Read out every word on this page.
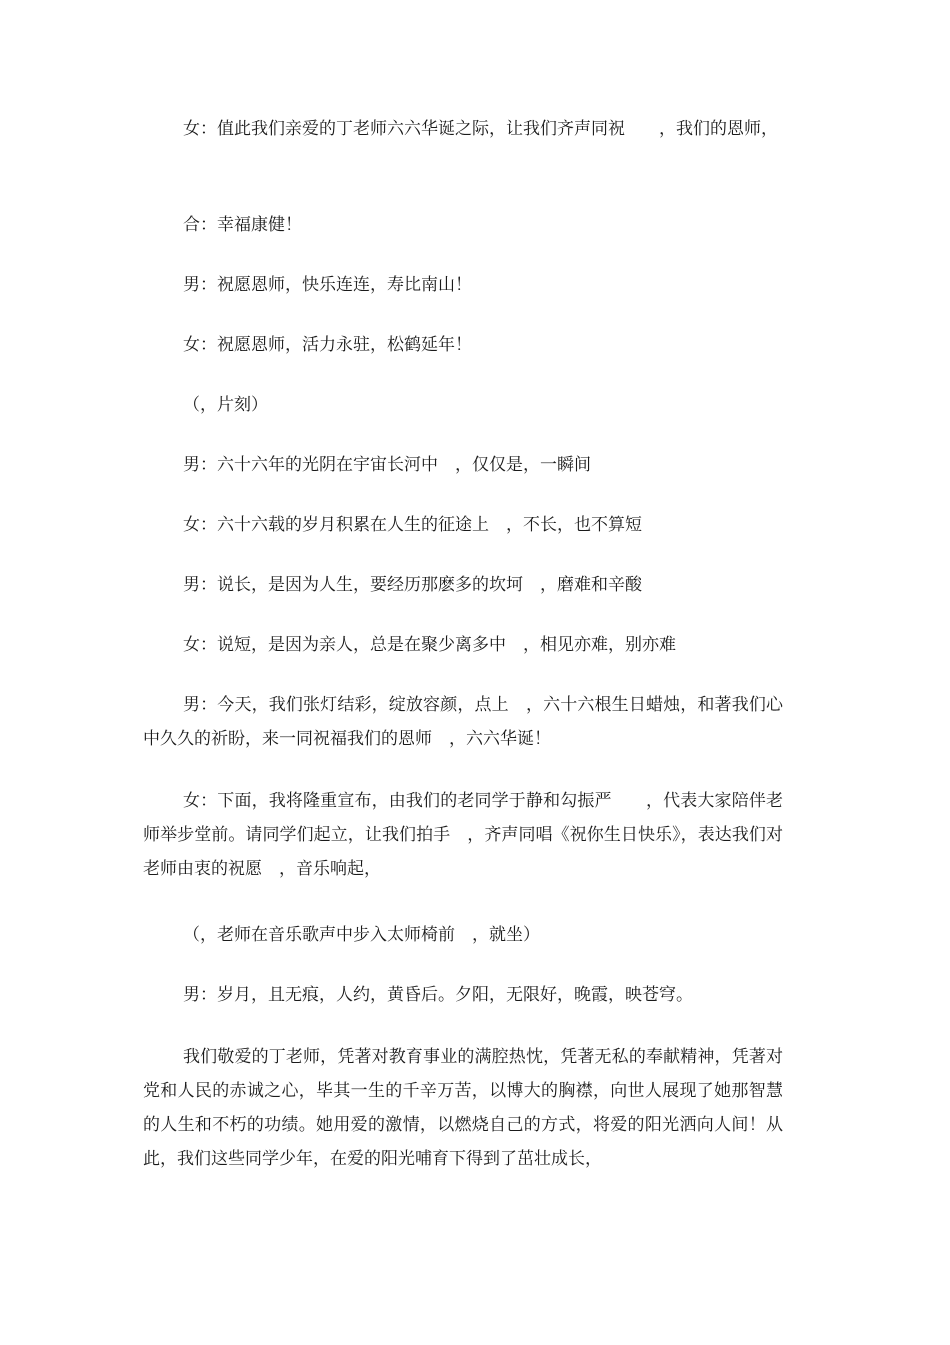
女：值此我们亲爱的丁老师六六华诞之际，让我们齐声同祝　　，我们的恩师，

合：幸福康健！

男：祝愿恩师，快乐连连，寿比南山！

女：祝愿恩师，活力永驻，松鹤延年！

（，片刻）

男：六十六年的光阴在宇宙长河中　，仅仅是，一瞬间

女：六十六载的岁月积累在人生的征途上　，不长，也不算短

男：说长，是因为人生，要经历那麽多的坎坷　，磨难和辛酸

女：说短，是因为亲人，总是在聚少离多中　，相见亦难，别亦难

男：今天，我们张灯结彩，绽放容颜，点上　，六十六根生日蜡烛，和著我们心中久久的祈盼，来一同祝福我们的恩师　，六六华诞！

女：下面，我将隆重宣布，由我们的老同学于静和勾振严　　，代表大家陪伴老师举步堂前。请同学们起立，让我们拍手　，齐声同唱《祝你生日快乐》，表达我们对老师由衷的祝愿　，音乐响起，

（，老师在音乐歌声中步入太师椅前　，就坐）

男：岁月，且无痕，人约，黄昏后。夕阳，无限好，晚霞，映苍穹。

我们敬爱的丁老师，凭著对教育事业的满腔热忱，凭著无私的奉献精神，凭著对党和人民的赤诚之心，毕其一生的千辛万苦，以博大的胸襟，向世人展现了她那智慧的人生和不朽的功绩。她用爱的激情，以燃烧自己的方式，将爱的阳光洒向人间！从此，我们这些同学少年，在爱的阳光哺育下得到了茁壮成长，
